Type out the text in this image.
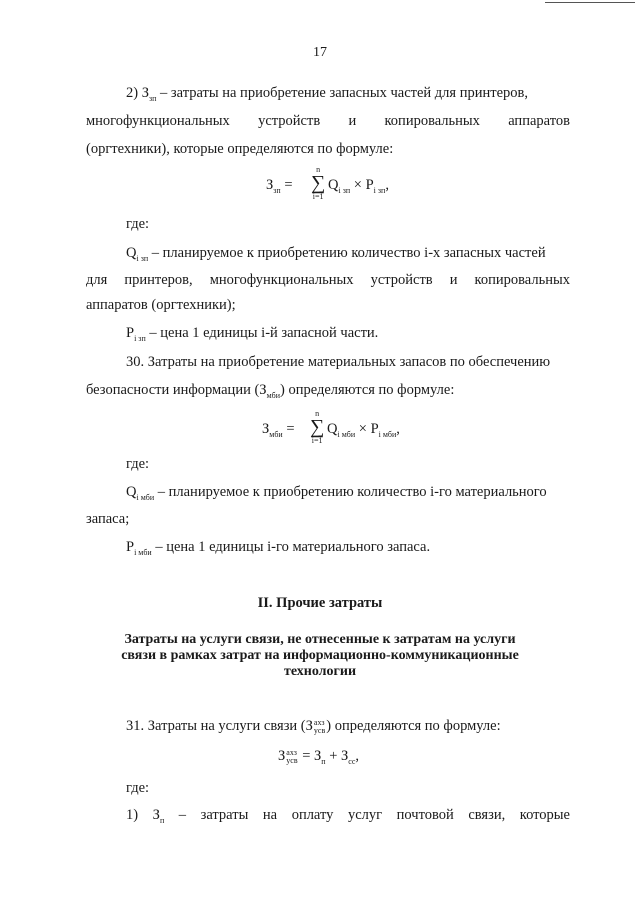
17
2) $З_{зп}$ – затраты на приобретение запасных частей для принтеров,
многофункциональных устройств и копировальных аппаратов
(оргтехники), которые определяются по формуле:
$З_{зп}$ =
n
∑
i=1
$Q_{i зп} \times P_{i зп}$,
где:
$Q_{i зп}$ – планируемое к приобретению количество i-х запасных частей
для принтеров, многофункциональных устройств и копировальных
аппаратов (оргтехники);
$P_{i зп}$ – цена 1 единицы i-й запасной части.
30. Затраты на приобретение материальных запасов по обеспечению
безопасности информации $(З_{мби})$ определяются по формуле:
$З_{мби}$ =
n
∑
i=1
$Q_{i мби} \times P_{i мби}$,
где:
$Q_{i мби}$ – планируемое к приобретению количество i-го материального
запаса;
$P_{i мби}$ – цена 1 единицы i-го материального запаса.
II. Прочие затраты
Затраты на услуги связи, не отнесенные к затратам на услуги
связи в рамках затрат на информационно-коммуникационные
технологии
31. Затраты на услуги связи (З ахз
усв ) определяются по формуле:
З ахз
усв = $З_п + З_{сс}$,
где:
1) $З_п$ – затраты на оплату услуг почтовой связи, которые
